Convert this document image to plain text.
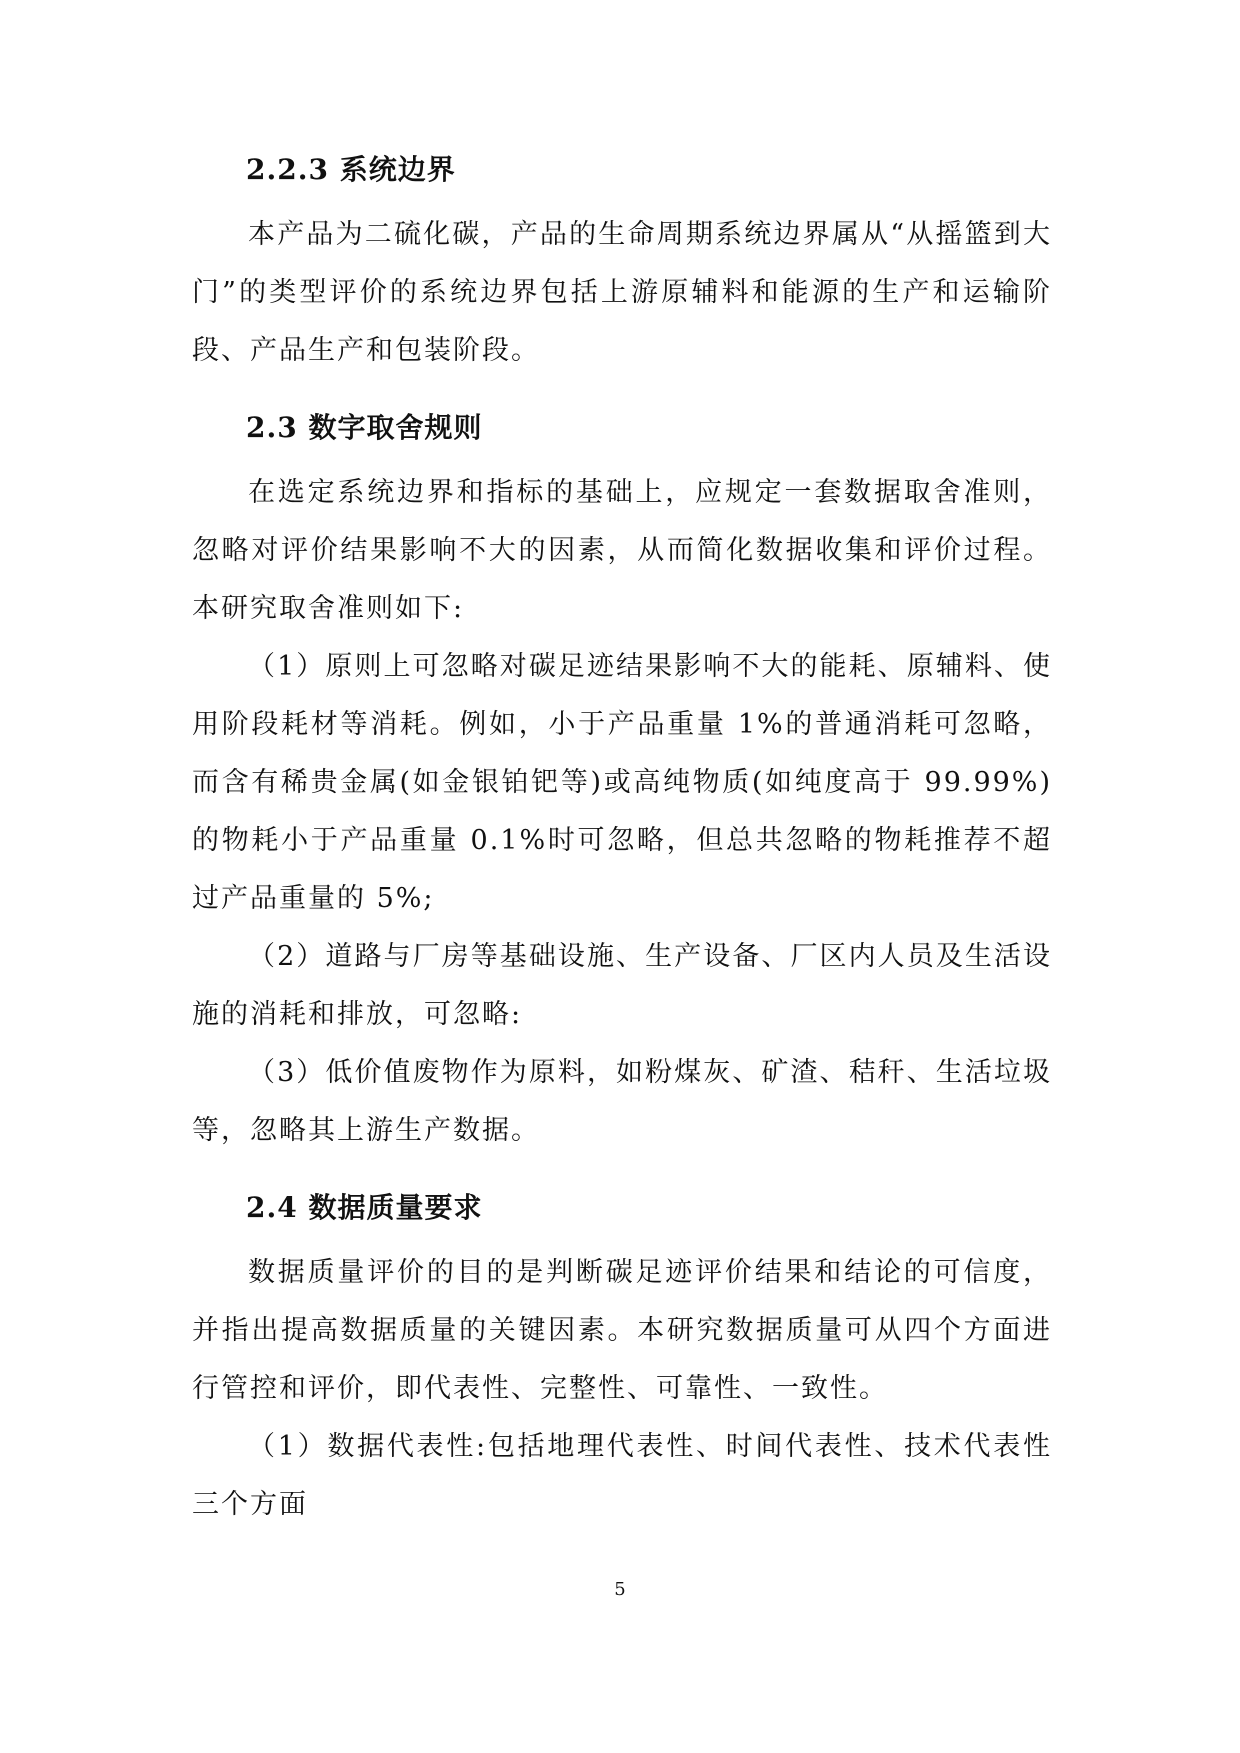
2.2.3 系统边界

本产品为二硫化碳，产品的生命周期系统边界属从“从摇篮到大门”的类型评价的系统边界包括上游原辅料和能源的生产和运输阶段、产品生产和包装阶段。

2.3 数字取舍规则

在选定系统边界和指标的基础上，应规定一套数据取舍准则，忽略对评价结果影响不大的因素，从而简化数据收集和评价过程。本研究取舍准则如下:

（1）原则上可忽略对碳足迹结果影响不大的能耗、原辅料、使用阶段耗材等消耗。例如，小于产品重量 1%的普通消耗可忽略，而含有稀贵金属(如金银铂钯等)或高纯物质(如纯度高于 99.99%)的物耗小于产品重量 0.1%时可忽略，但总共忽略的物耗推荐不超过产品重量的 5%;

（2）道路与厂房等基础设施、生产设备、厂区内人员及生活设施的消耗和排放，可忽略:

（3）低价值废物作为原料，如粉煤灰、矿渣、秸秆、生活垃圾等，忽略其上游生产数据。

2.4 数据质量要求

数据质量评价的目的是判断碳足迹评价结果和结论的可信度，并指出提高数据质量的关键因素。本研究数据质量可从四个方面进行管控和评价，即代表性、完整性、可靠性、一致性。

（1）数据代表性:包括地理代表性、时间代表性、技术代表性三个方面

5
